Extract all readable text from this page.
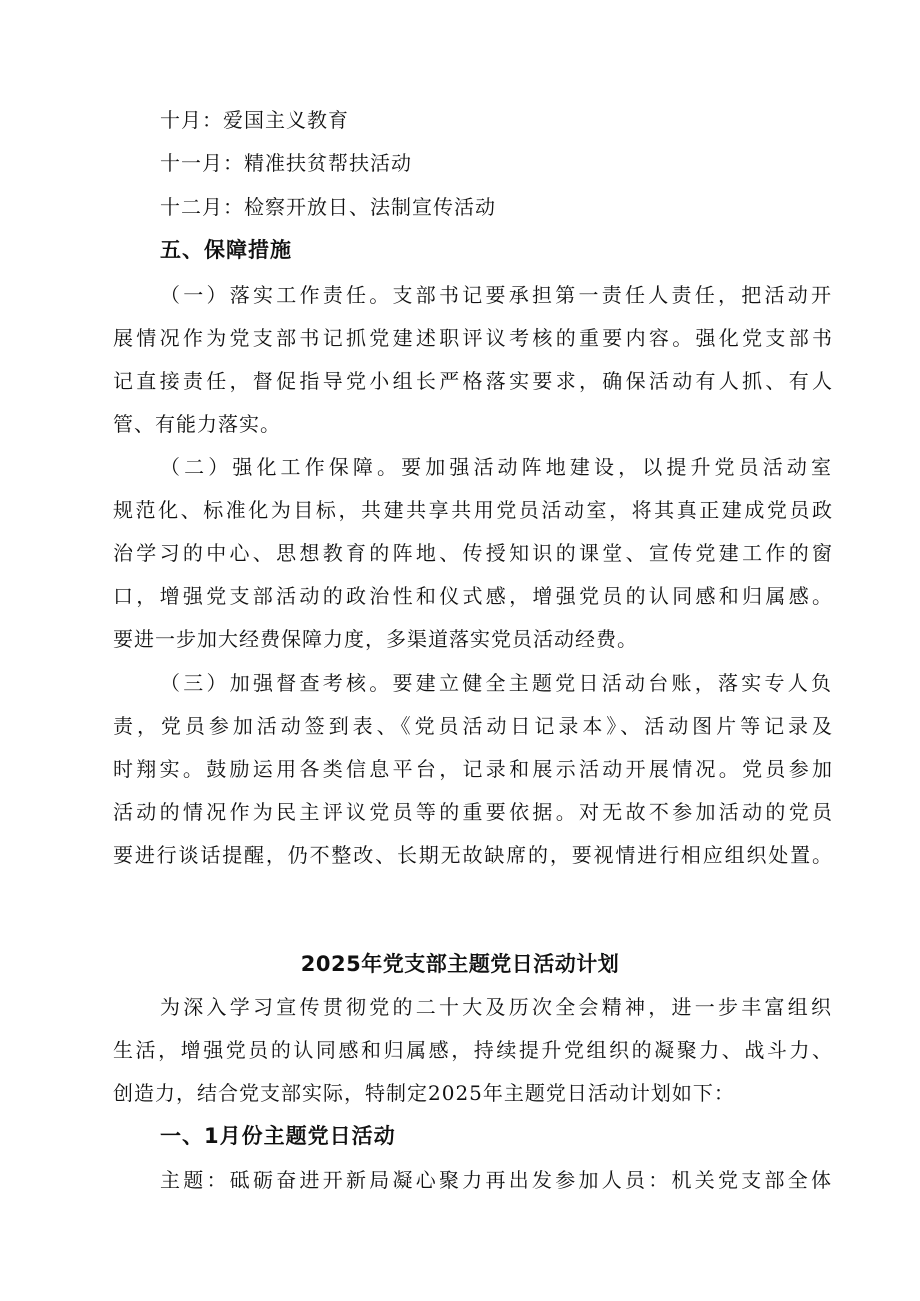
十月：爱国主义教育
十一月：精准扶贫帮扶活动
十二月：检察开放日、法制宣传活动
五、保障措施
（一）落实工作责任。支部书记要承担第一责任人责任，把活动开
展情况作为党支部书记抓党建述职评议考核的重要内容。强化党支部书
记直接责任，督促指导党小组长严格落实要求，确保活动有人抓、有人
管、有能力落实。
（二）强化工作保障。要加强活动阵地建设，以提升党员活动室
规范化、标准化为目标，共建共享共用党员活动室，将其真正建成党员政
治学习的中心、思想教育的阵地、传授知识的课堂、宣传党建工作的窗
口，增强党支部活动的政治性和仪式感，增强党员的认同感和归属感。
要进一步加大经费保障力度，多渠道落实党员活动经费。
（三）加强督查考核。要建立健全主题党日活动台账，落实专人负
责，党员参加活动签到表、《党员活动日记录本》、活动图片等记录及
时翔实。鼓励运用各类信息平台，记录和展示活动开展情况。党员参加
活动的情况作为民主评议党员等的重要依据。对无故不参加活动的党员
要进行谈话提醒，仍不整改、长期无故缺席的，要视情进行相应组织处置。
2025年党支部主题党日活动计划
为深入学习宣传贯彻党的二十大及历次全会精神，进一步丰富组织
生活，增强党员的认同感和归属感，持续提升党组织的凝聚力、战斗力、
创造力，结合党支部实际，特制定2025年主题党日活动计划如下：
一、1月份主题党日活动
主题：砥砺奋进开新局凝心聚力再出发参加人员：机关党支部全体
